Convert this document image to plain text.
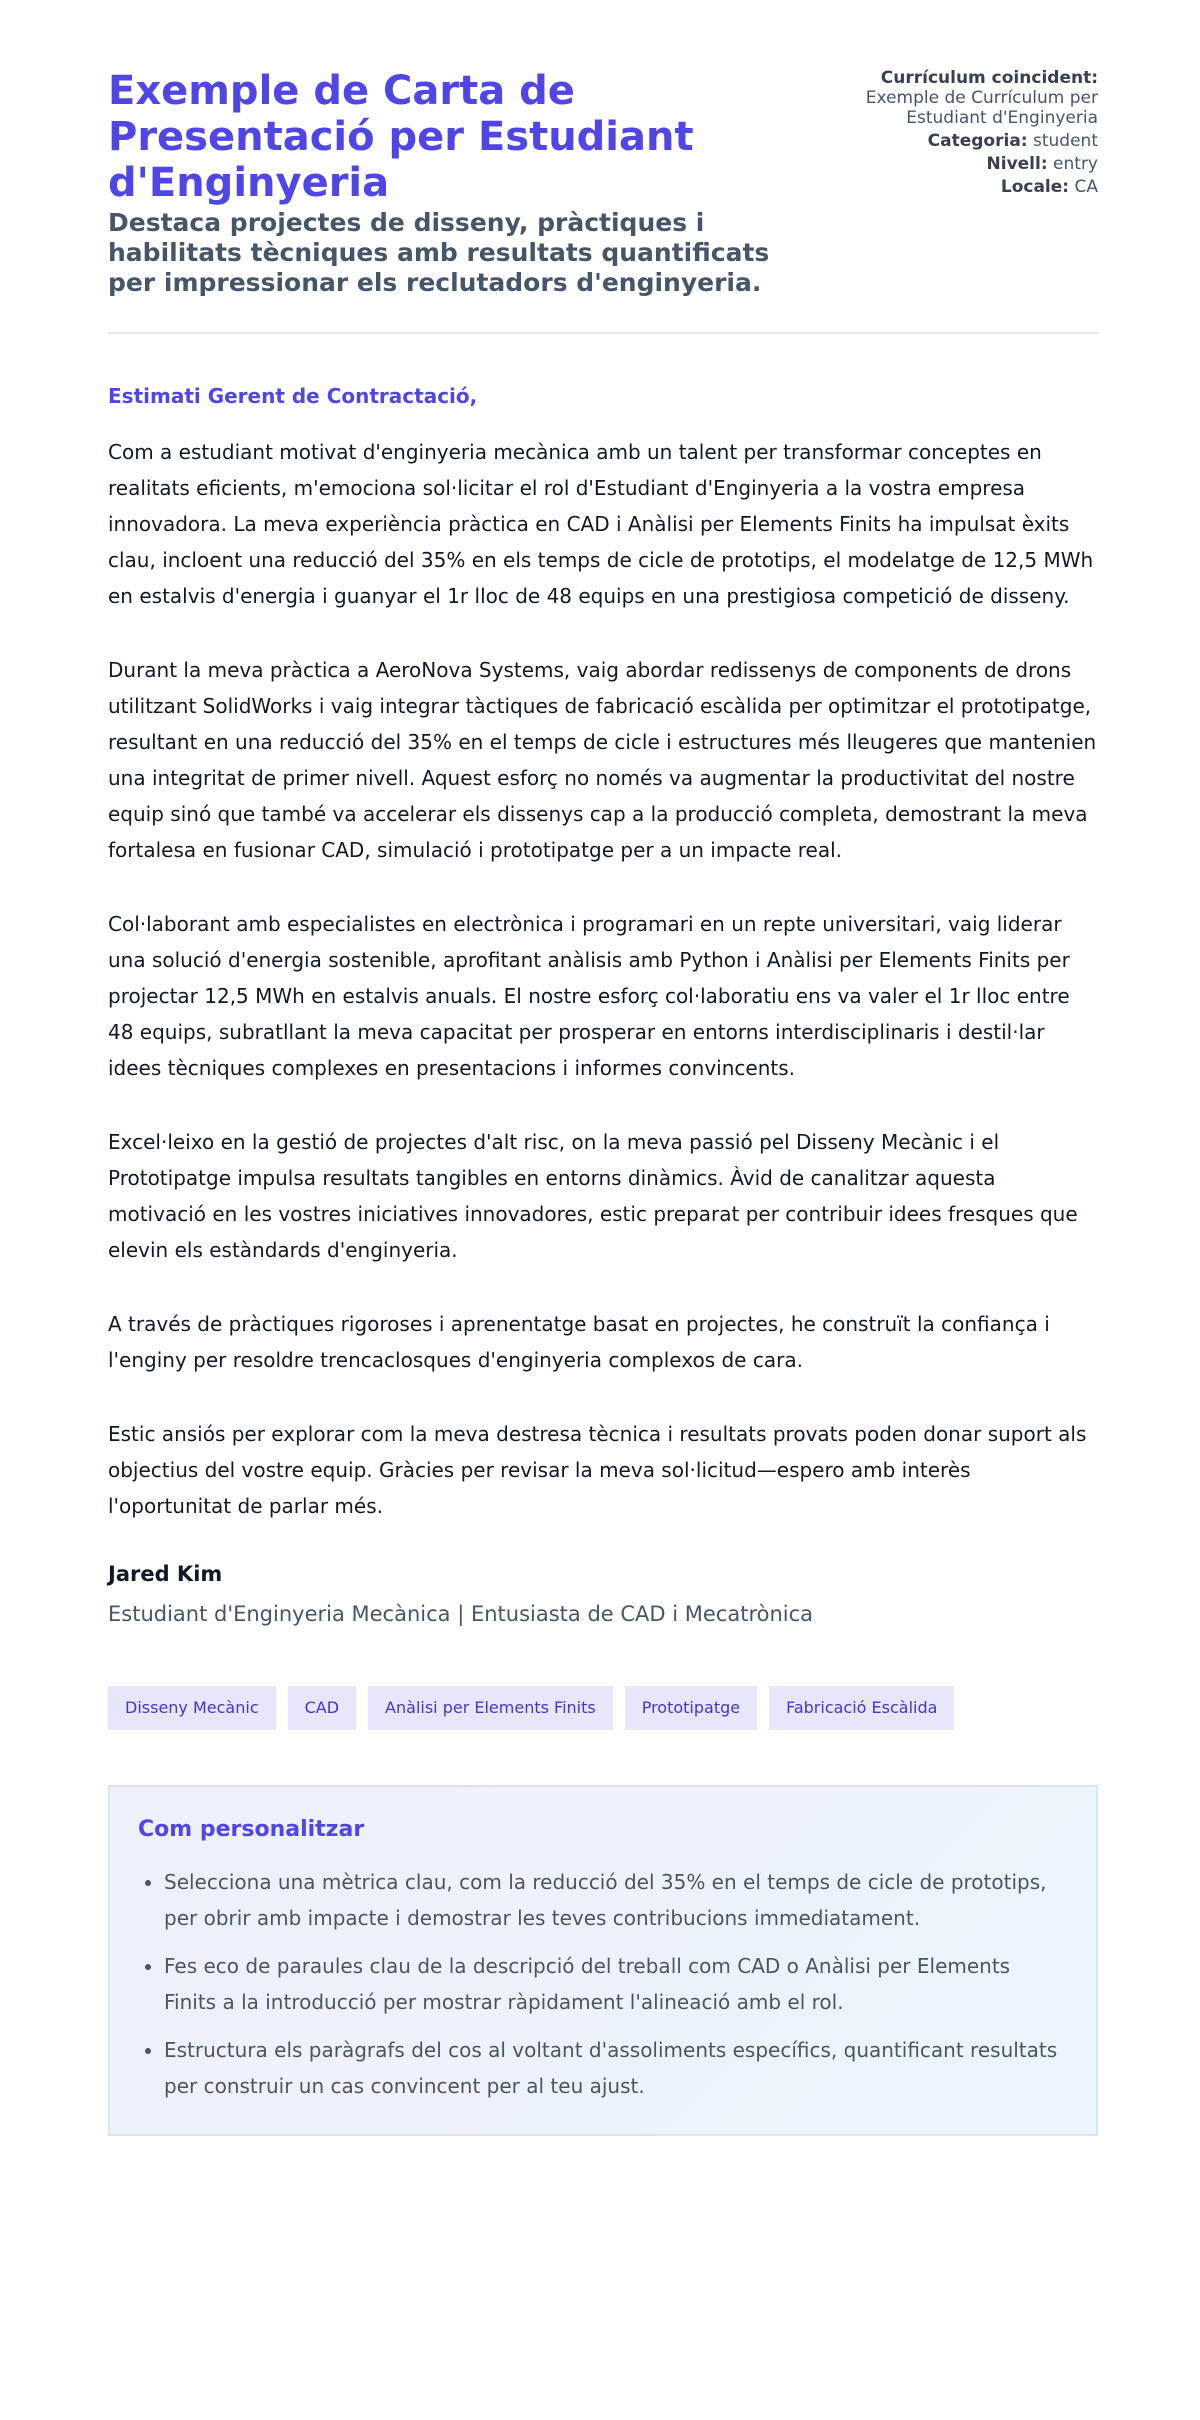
Exemple de Carta de Presentació per Estudiant d'Enginyeria

Destaca projectes de disseny, pràctiques i habilitats tècniques amb resultats quantificats per impressionar els reclutadors d'enginyeria.

Currículum coincident:
Exemple de Currículum per Estudiant d'Enginyeria
Categoria: student
Nivell: entry
Locale: CA
Estimati Gerent de Contractació,

Com a estudiant motivat d'enginyeria mecànica amb un talent per transformar conceptes en realitats eficients, m'emociona sol·licitar el rol d'Estudiant d'Enginyeria a la vostra empresa innovadora. La meva experiència pràctica en CAD i Anàlisi per Elements Finits ha impulsat èxits clau, incloent una reducció del 35% en els temps de cicle de prototips, el modelatge de 12,5 MWh en estalvis d'energia i guanyar el 1r lloc de 48 equips en una prestigiosa competició de disseny.

Durant la meva pràctica a AeroNova Systems, vaig abordar redissenys de components de drons utilitzant SolidWorks i vaig integrar tàctiques de fabricació escàlida per optimitzar el prototipatge, resultant en una reducció del 35% en el temps de cicle i estructures més lleugeres que mantenien una integritat de primer nivell. Aquest esforç no només va augmentar la productivitat del nostre equip sinó que també va accelerar els dissenys cap a la producció completa, demostrant la meva fortalesa en fusionar CAD, simulació i prototipatge per a un impacte real.

Col·laborant amb especialistes en electrònica i programari en un repte universitari, vaig liderar una solució d'energia sostenible, aprofitant anàlisis amb Python i Anàlisi per Elements Finits per projectar 12,5 MWh en estalvis anuals. El nostre esforç col·laboratiu ens va valer el 1r lloc entre 48 equips, subratllant la meva capacitat per prosperar en entorns interdisciplinaris i destil·lar idees tècniques complexes en presentacions i informes convincents.

Excel·leixo en la gestió de projectes d'alt risc, on la meva passió pel Disseny Mecànic i el Prototipatge impulsa resultats tangibles en entorns dinàmics. Àvid de canalitzar aquesta motivació en les vostres iniciatives innovadores, estic preparat per contribuir idees fresques que elevin els estàndards d'enginyeria.

A través de pràctiques rigoroses i aprenentatge basat en projectes, he construït la confiança i l'enginy per resoldre trencaclosques d'enginyeria complexos de cara.

Estic ansiós per explorar com la meva destresa tècnica i resultats provats poden donar suport als objectius del vostre equip. Gràcies per revisar la meva sol·licitud—espero amb interès l'oportunitat de parlar més.

Jared Kim
Estudiant d'Enginyeria Mecànica | Entusiasta de CAD i Mecatrònica
Disseny Mecànic	CAD	Anàlisi per Elements Finits	Prototipatge	Fabricació Escàlida
Com personalitzar
• Selecciona una mètrica clau, com la reducció del 35% en el temps de cicle de prototips, per obrir amb impacte i demostrar les teves contribucions immediatament.
• Fes eco de paraules clau de la descripció del treball com CAD o Anàlisi per Elements Finits a la introducció per mostrar ràpidament l'alineació amb el rol.
• Estructura els paràgrafs del cos al voltant d'assoliments específics, quantificant resultats per construir un cas convincent per al teu ajust.
